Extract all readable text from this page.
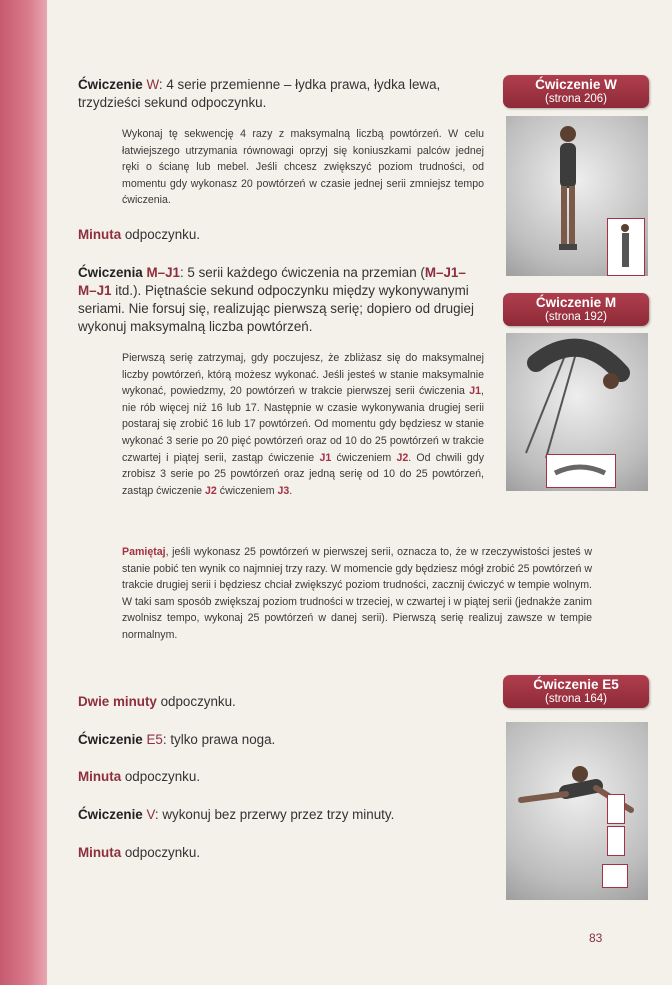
Ćwiczenie W: 4 serie przemienne – łydka prawa, łydka lewa, trzydzieści sekund odpoczynku.
Wykonaj tę sekwencję 4 razy z maksymalną liczbą powtórzeń. W celu łatwiejszego utrzymania równowagi oprzyj się koniuszkami palców jednej ręki o ścianę lub mebel. Jeśli chcesz zwiększyć poziom trudności, od momentu gdy wykonasz 20 powtórzeń w czasie jednej serii zmniejsz tempo ćwiczenia.
Minuta odpoczynku.
Ćwiczenia M–J1: 5 serii każdego ćwiczenia na przemian (M–J1–M–J1 itd.). Piętnaście sekund odpoczynku między wykonywanymi seriami. Nie forsuj się, realizując pierwszą serię; dopiero od drugiej wykonuj maksymalną liczba powtórzeń.
Pierwszą serię zatrzymaj, gdy poczujesz, że zbliżasz się do maksymalnej liczby powtórzeń, którą możesz wykonać. Jeśli jesteś w stanie maksymalnie wykonać, powiedzmy, 20 powtórzeń w trakcie pierwszej serii ćwiczenia J1, nie rób więcej niż 16 lub 17. Następnie w czasie wykonywania drugiej serii postaraj się zrobić 16 lub 17 powtórzeń. Od momentu gdy będziesz w stanie wykonać 3 serie po 20 pięć powtórzeń oraz od 10 do 25 powtórzeń w trakcie czwartej i piątej serii, zastąp ćwiczenie J1 ćwiczeniem J2. Od chwili gdy zrobisz 3 serie po 25 powtórzeń oraz jedną serię od 10 do 25 powtórzeń, zastąp ćwiczenie J2 ćwiczeniem J3.
Pamiętaj, jeśli wykonasz 25 powtórzeń w pierwszej serii, oznacza to, że w rzeczywistości jesteś w stanie pobić ten wynik co najmniej trzy razy. W momencie gdy będziesz mógł zrobić 25 powtórzeń w trakcie drugiej serii i będziesz chciał zwiększyć poziom trudności, zacznij ćwiczyć w tempie wolnym. W taki sam sposób zwiększaj poziom trudności w trzeciej, w czwartej i w piątej serii (jednakże zanim zwolnisz tempo, wykonaj 25 powtórzeń w danej serii). Pierwszą serię realizuj zawsze w tempie normalnym.
Dwie minuty odpoczynku.
Ćwiczenie E5: tylko prawa noga.
Minuta odpoczynku.
Ćwiczenie V: wykonuj bez przerwy przez trzy minuty.
Minuta odpoczynku.
Ćwiczenie W
(strona 206)
Ćwiczenie M
(strona 192)
Ćwiczenie E5
(strona 164)
83
